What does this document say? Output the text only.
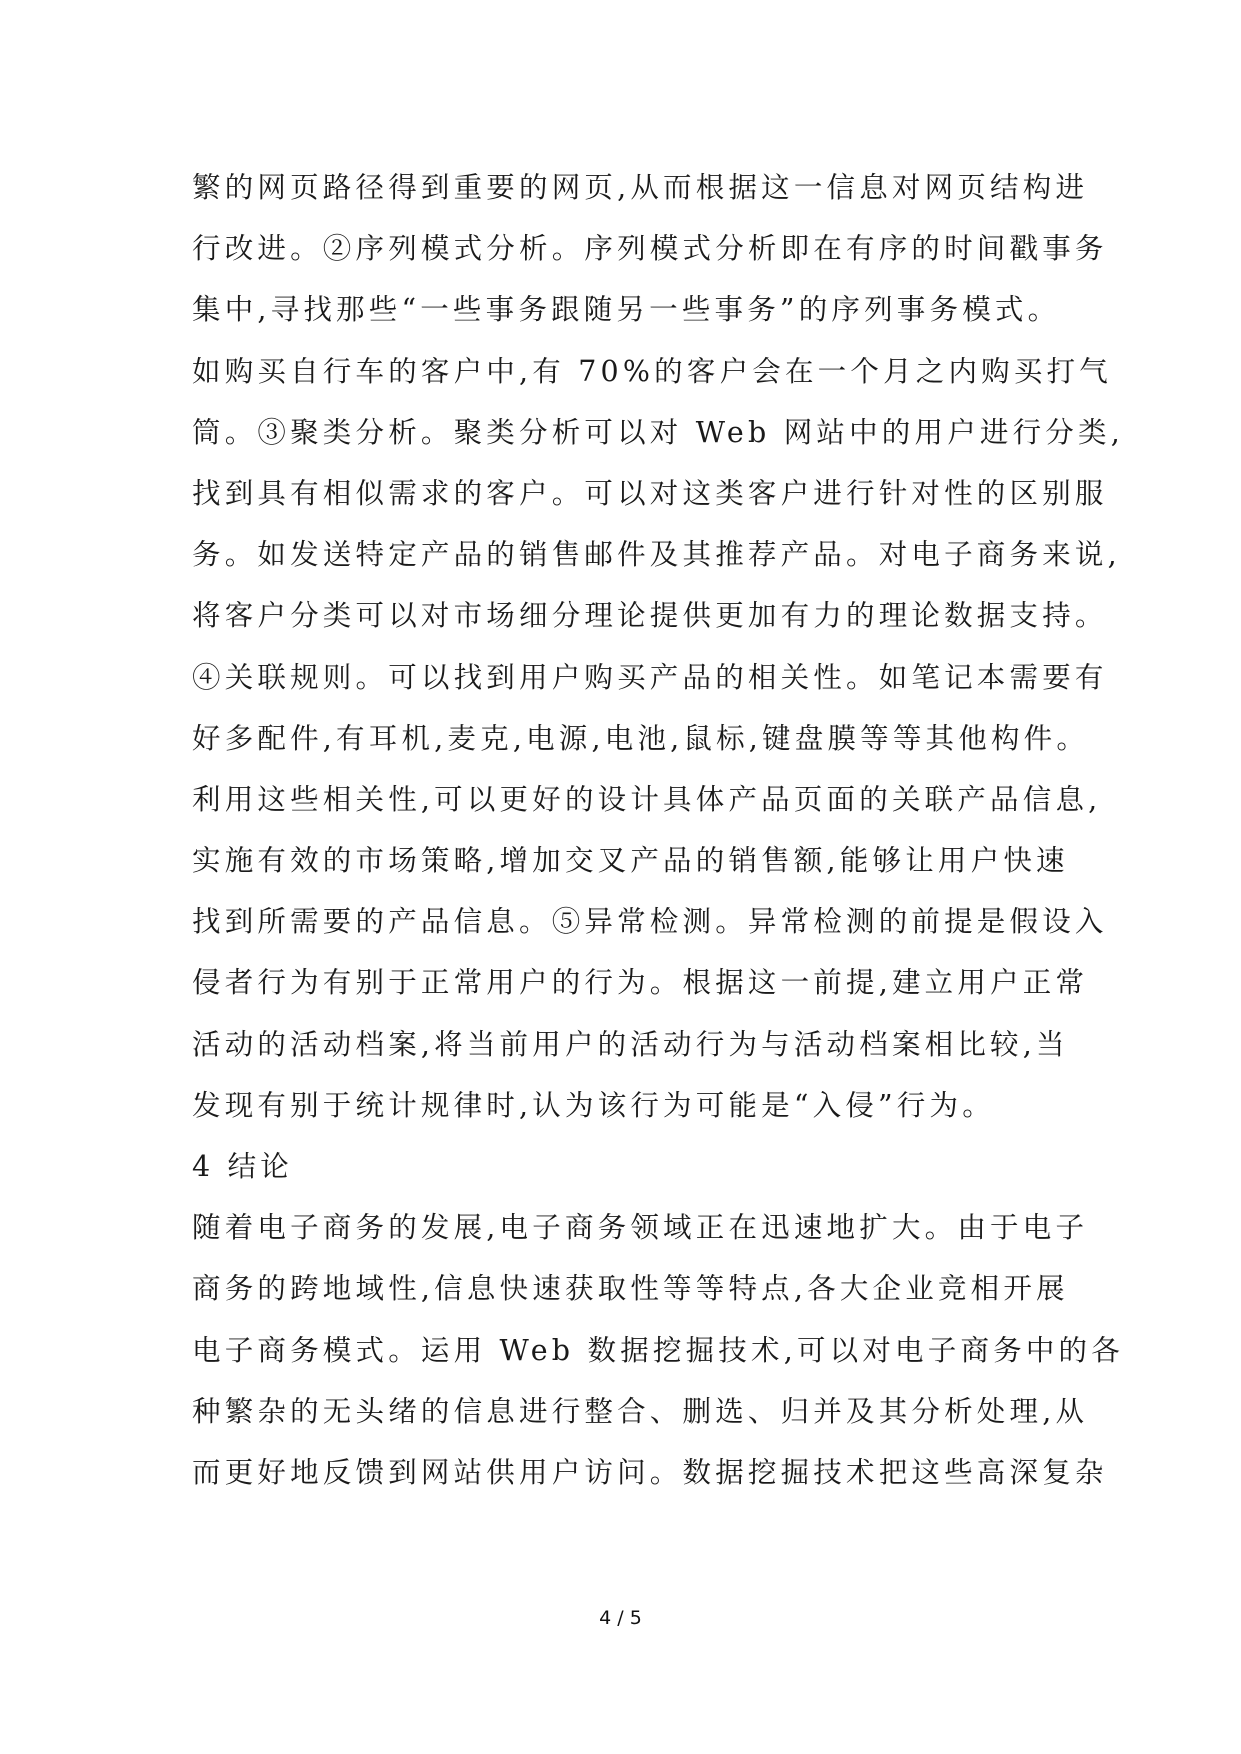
繁的网页路径得到重要的网页,从而根据这一信息对网页结构进
行改进。②序列模式分析。序列模式分析即在有序的时间戳事务
集中,寻找那些“一些事务跟随另一些事务”的序列事务模式。
如购买自行车的客户中,有 70%的客户会在一个月之内购买打气
筒。③聚类分析。聚类分析可以对 Web 网站中的用户进行分类,
找到具有相似需求的客户。可以对这类客户进行针对性的区别服
务。如发送特定产品的销售邮件及其推荐产品。对电子商务来说,
将客户分类可以对市场细分理论提供更加有力的理论数据支持。
④关联规则。可以找到用户购买产品的相关性。如笔记本需要有
好多配件,有耳机,麦克,电源,电池,鼠标,键盘膜等等其他构件。
利用这些相关性,可以更好的设计具体产品页面的关联产品信息,
实施有效的市场策略,增加交叉产品的销售额,能够让用户快速
找到所需要的产品信息。⑤异常检测。异常检测的前提是假设入
侵者行为有别于正常用户的行为。根据这一前提,建立用户正常
活动的活动档案,将当前用户的活动行为与活动档案相比较,当
发现有别于统计规律时,认为该行为可能是“入侵”行为。
4 结论
随着电子商务的发展,电子商务领域正在迅速地扩大。由于电子
商务的跨地域性,信息快速获取性等等特点,各大企业竞相开展
电子商务模式。运用 Web 数据挖掘技术,可以对电子商务中的各
种繁杂的无头绪的信息进行整合、删选、归并及其分析处理,从
而更好地反馈到网站供用户访问。数据挖掘技术把这些高深复杂
4 / 5
